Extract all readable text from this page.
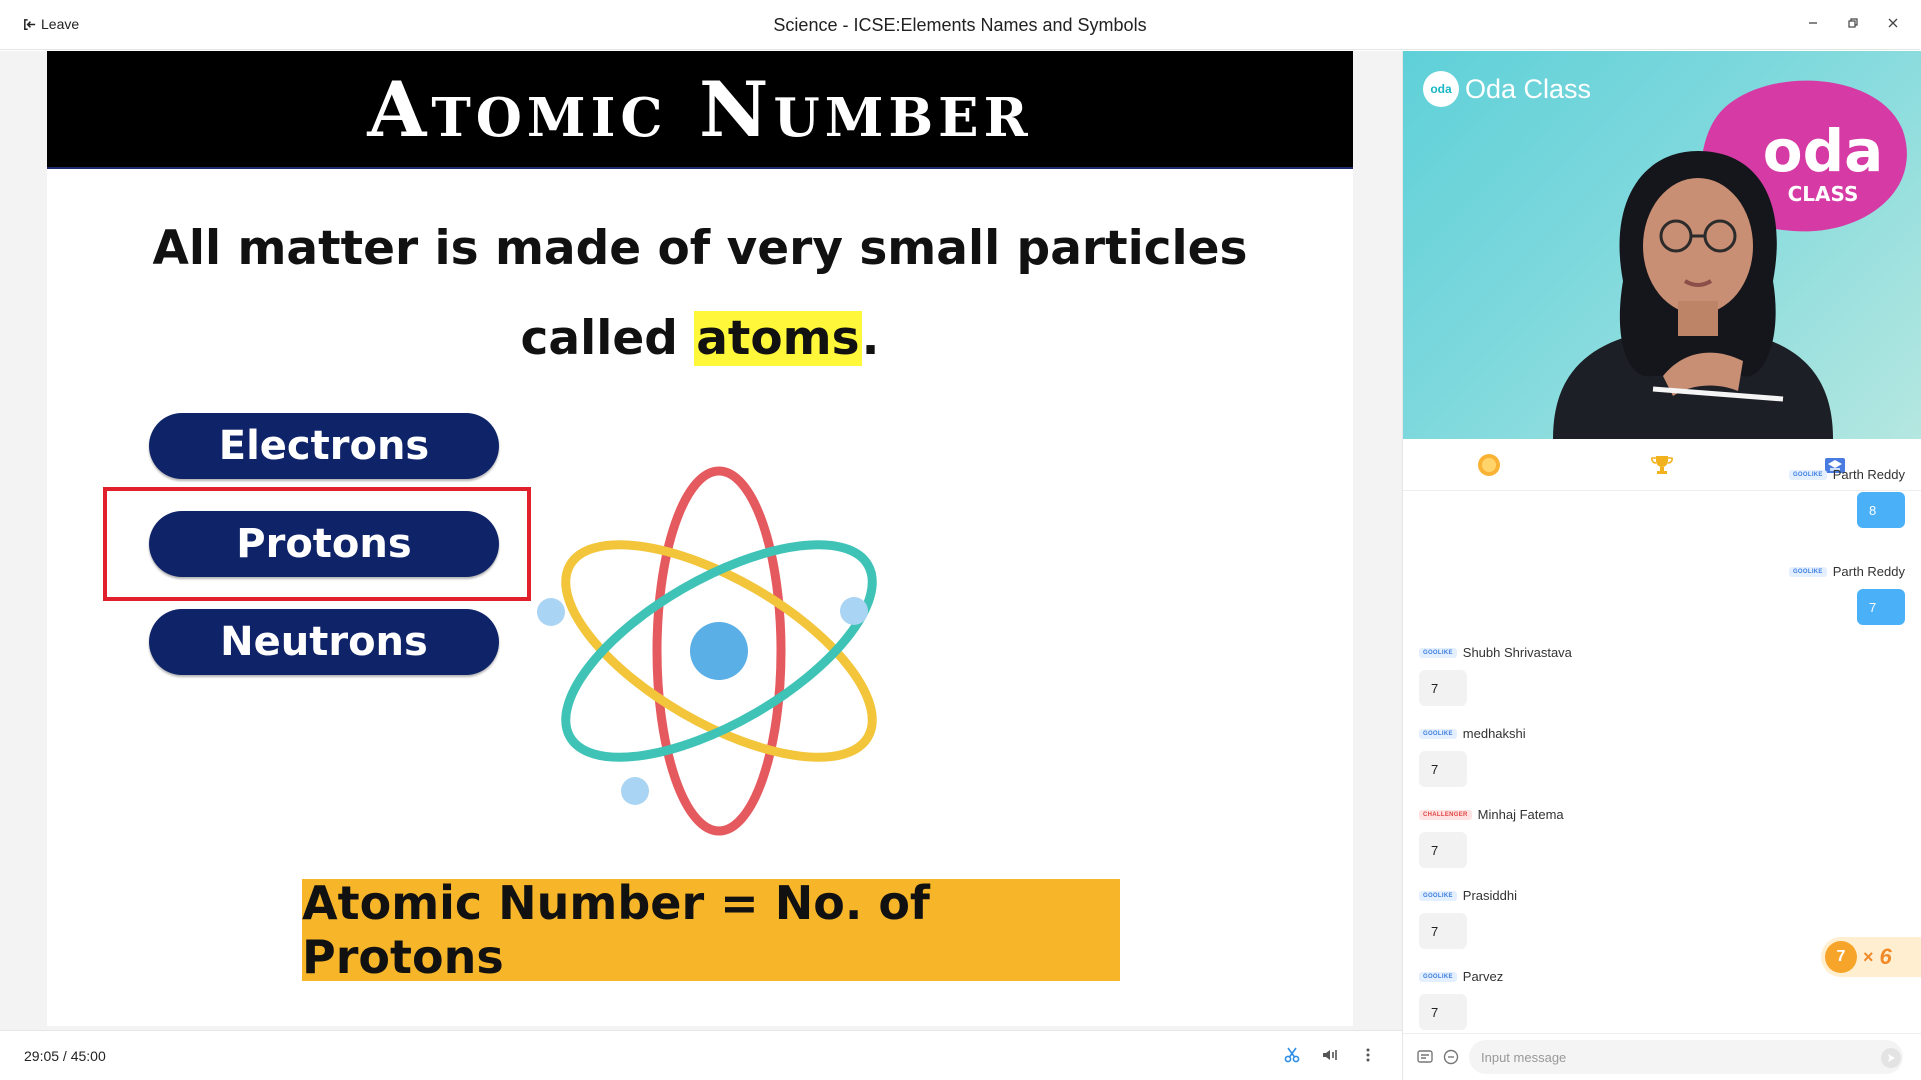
Leave	Science - ICSE:Elements Names and Symbols
Atomic Number
All matter is made of very small particles
called atoms.
Electrons
Protons
Neutrons
Atomic Number = No. of Protons
29:05 / 45:00
oda
CLASS
oda Oda Class
GOOLIKE Parth Reddy
8
GOOLIKE Parth Reddy
7
GOOLIKE Shubh Shrivastava
7
GOOLIKE medhakshi
7
CHALLENGER Minhaj Fatema
7
GOOLIKE Prasiddhi
7
GOOLIKE Parvez
7
7 × 6
Input message
